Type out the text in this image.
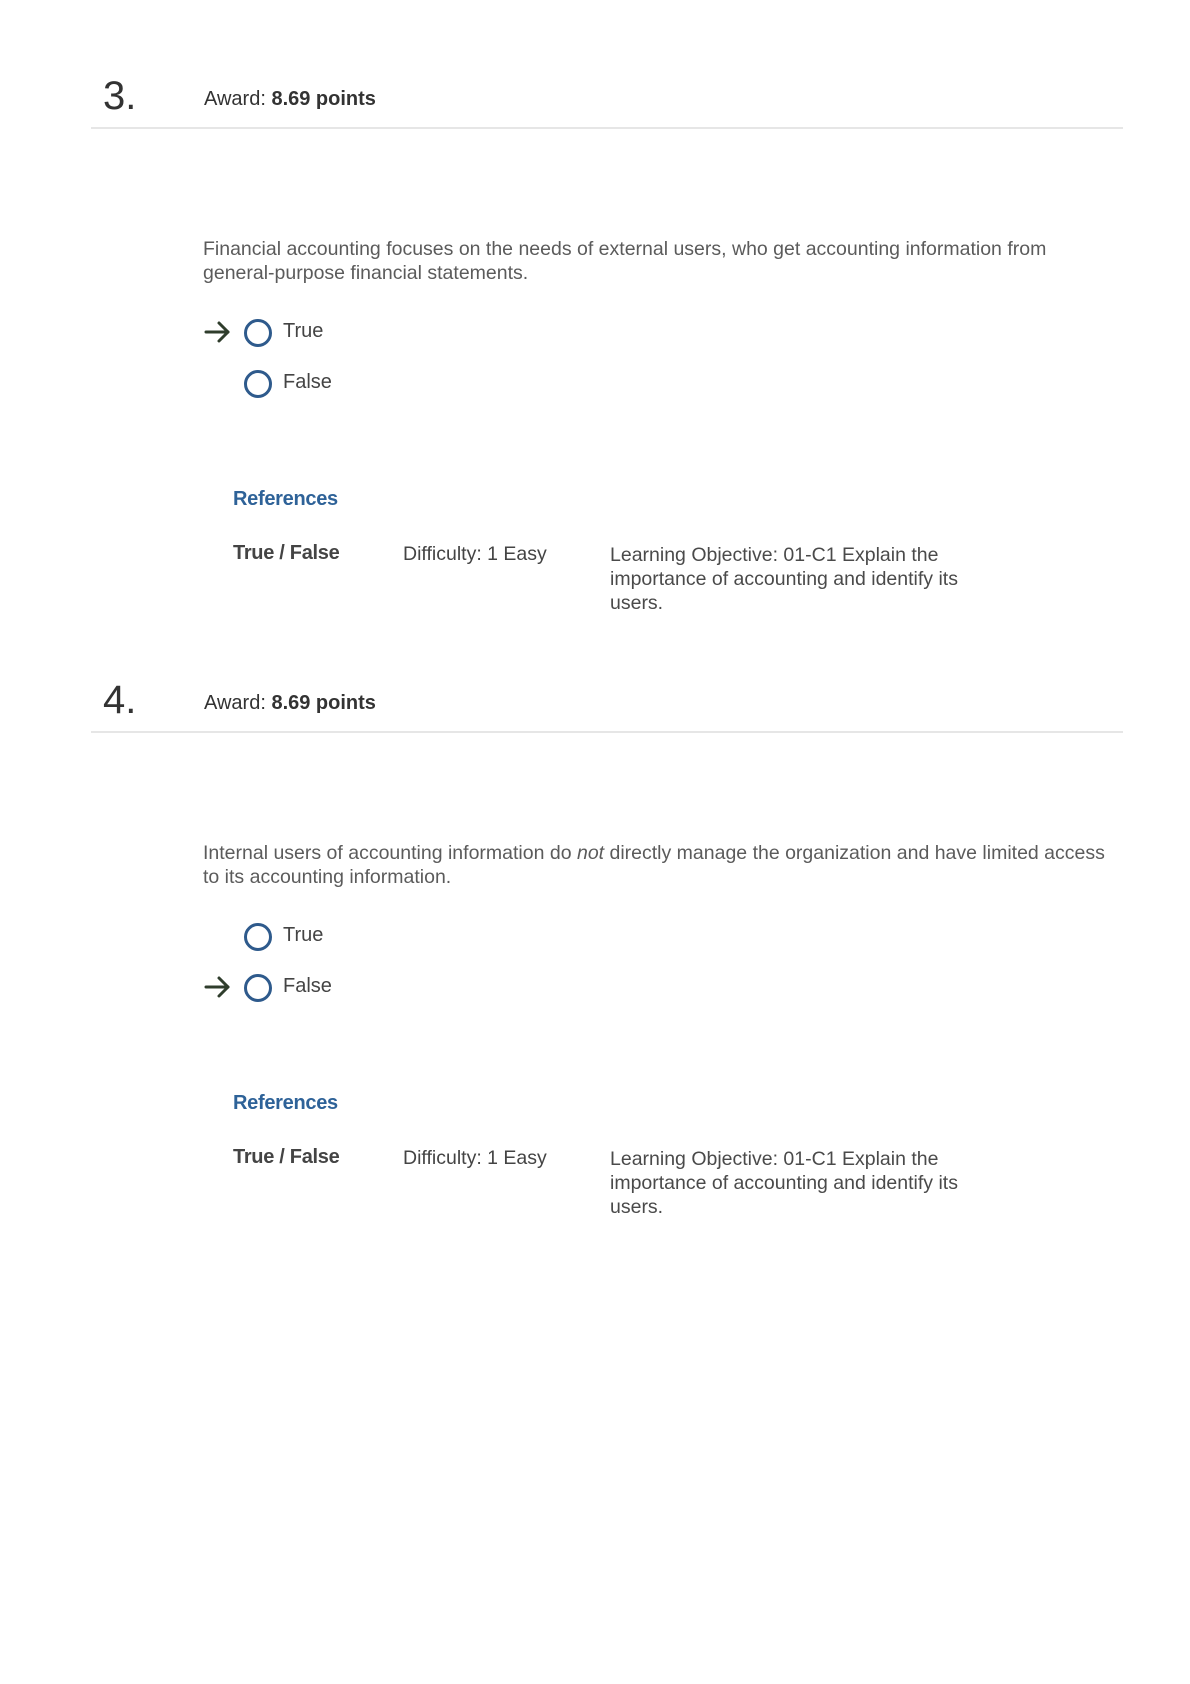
3.	Award: 8.69 points

Financial accounting focuses on the needs of external users, who get accounting information from general-purpose financial statements.

True
False
References
True / False	Difficulty: 1 Easy	Learning Objective: 01-C1 Explain the importance of accounting and identify its users.
4.	Award: 8.69 points

Internal users of accounting information do not directly manage the organization and have limited access to its accounting information.

True
False
References
True / False	Difficulty: 1 Easy	Learning Objective: 01-C1 Explain the importance of accounting and identify its users.
